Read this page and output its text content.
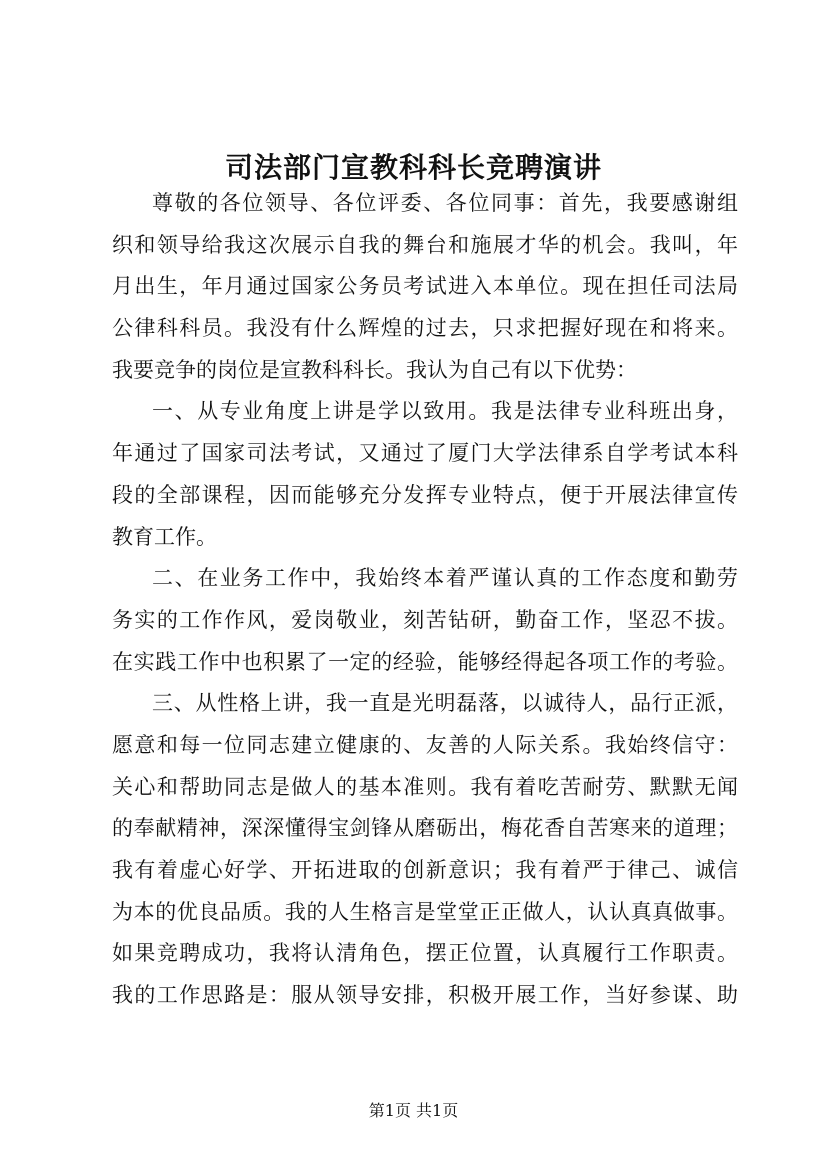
司法部门宣教科科长竞聘演讲
尊敬的各位领导、各位评委、各位同事：首先，我要感谢组
织和领导给我这次展示自我的舞台和施展才华的机会。我叫，年
月出生，年月通过国家公务员考试进入本单位。现在担任司法局
公律科科员。我没有什么辉煌的过去，只求把握好现在和将来。
我要竞争的岗位是宣教科科长。我认为自己有以下优势：
一、从专业角度上讲是学以致用。我是法律专业科班出身，
年通过了国家司法考试，又通过了厦门大学法律系自学考试本科
段的全部课程，因而能够充分发挥专业特点，便于开展法律宣传
教育工作。
二、在业务工作中，我始终本着严谨认真的工作态度和勤劳
务实的工作作风，爱岗敬业，刻苦钻研，勤奋工作，坚忍不拔。
在实践工作中也积累了一定的经验，能够经得起各项工作的考验。
三、从性格上讲，我一直是光明磊落，以诚待人，品行正派，
愿意和每一位同志建立健康的、友善的人际关系。我始终信守：
关心和帮助同志是做人的基本准则。我有着吃苦耐劳、默默无闻
的奉献精神，深深懂得宝剑锋从磨砺出，梅花香自苦寒来的道理；
我有着虚心好学、开拓进取的创新意识；我有着严于律己、诚信
为本的优良品质。我的人生格言是堂堂正正做人，认认真真做事。
如果竞聘成功，我将认清角色，摆正位置，认真履行工作职责。
我的工作思路是：服从领导安排，积极开展工作，当好参谋、助
第1页 共1页
